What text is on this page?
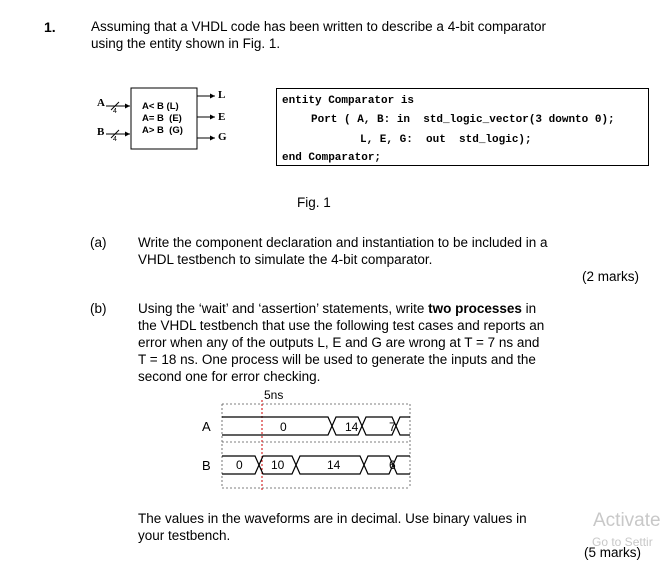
1.	Assuming that a VHDL code has been written to describe a 4-bit comparator
using the entity shown in Fig. 1.
A
B
4
4
A< B (L)
A= B  (E)
A> B  (G)
L
E
G
entity Comparator is
Port ( A, B: in  std_logic_vector(3 downto 0);
L, E, G:  out  std_logic);
end Comparator;
Fig. 1
(a) Write the component declaration and instantiation to be included in a
VHDL testbench to simulate the 4-bit comparator.
(2 marks)
(b) Using the ‘wait’ and ‘assertion’ statements, write two processes in
the VHDL testbench that use the following test cases and reports an
error when any of the outputs L, E and G are wrong at T = 7 ns and
T = 18 ns. One process will be used to generate the inputs and the
second one for error checking.
5ns
A
B
0	14	7
0 10	14	6
The values in the waveforms are in decimal. Use binary values in
your testbench.
(5 marks)
Activate
Go to Settir
